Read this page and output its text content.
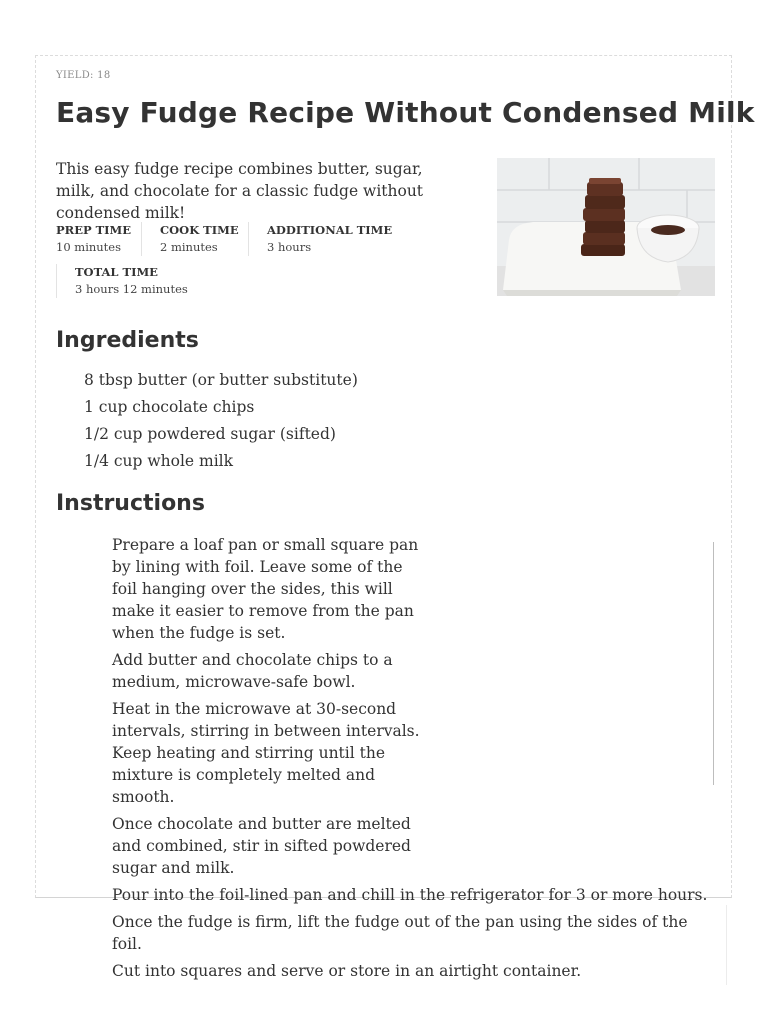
YIELD: 18
Easy Fudge Recipe Without Condensed Milk
This easy fudge recipe combines butter, sugar, milk, and chocolate for a classic fudge without condensed milk!
PREP TIME
10 minutes
COOK TIME
2 minutes
ADDITIONAL TIME
3 hours
TOTAL TIME
3 hours 12 minutes
Ingredients
8 tbsp butter (or butter substitute)
1 cup chocolate chips
1/2 cup powdered sugar (sifted)
1/4 cup whole milk
Instructions
Prepare a loaf pan or small square pan by lining with foil. Leave some of the foil hanging over the sides, this will make it easier to remove from the pan when the fudge is set.
Add butter and chocolate chips to a medium, microwave-safe bowl.
Heat in the microwave at 30-second intervals, stirring in between intervals. Keep heating and stirring until the mixture is completely melted and smooth.
Once chocolate and butter are melted and combined, stir in sifted powdered sugar and milk.
Pour into the foil-lined pan and chill in the refrigerator for 3 or more hours.
Once the fudge is firm, lift the fudge out of the pan using the sides of the foil.
Cut into squares and serve or store in an airtight container.
